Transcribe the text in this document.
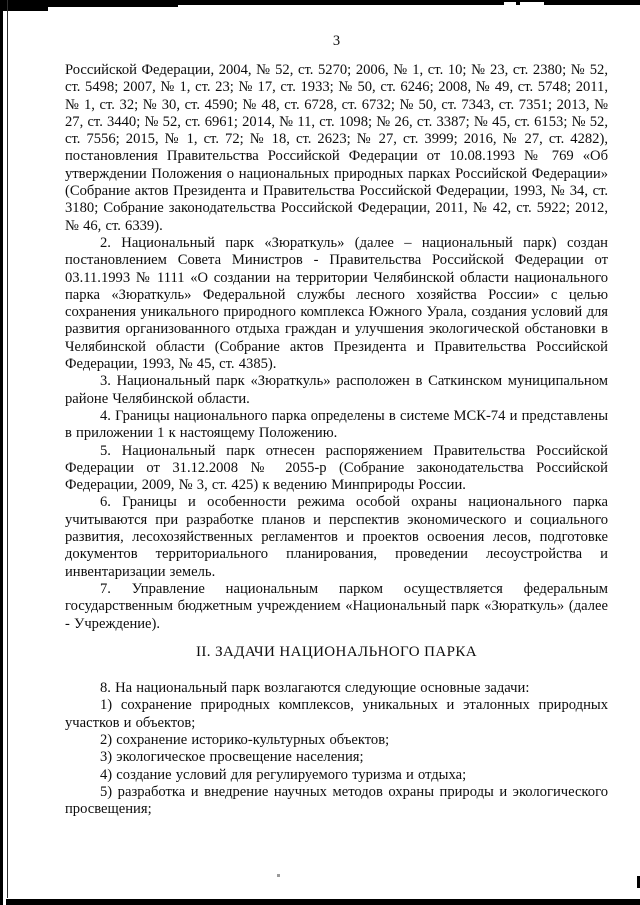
3
Российской Федерации, 2004, № 52, ст. 5270; 2006, № 1, ст. 10; № 23, ст. 2380; № 52, ст. 5498; 2007, № 1, ст. 23; № 17, ст. 1933; № 50, ст. 6246; 2008, № 49, ст. 5748; 2011, № 1, ст. 32; № 30, ст. 4590; № 48, ст. 6728, ст. 6732; № 50, ст. 7343, ст. 7351; 2013, № 27, ст. 3440; № 52, ст. 6961; 2014, № 11, ст. 1098; № 26, ст. 3387; № 45, ст. 6153; № 52, ст. 7556; 2015, № 1, ст. 72; № 18, ст. 2623; № 27, ст. 3999; 2016, № 27, ст. 4282), постановления Правительства Российской Федерации от 10.08.1993 № 769 «Об утверждении Положения о национальных природных парках Российской Федерации» (Собрание актов Президента и Правительства Российской Федерации, 1993, № 34, ст. 3180; Собрание законодательства Российской Федерации, 2011, № 42, ст. 5922; 2012, № 46, ст. 6339).
2. Национальный парк «Зюраткуль» (далее – национальный парк) создан постановлением Совета Министров - Правительства Российской Федерации от 03.11.1993 № 1111 «О создании на территории Челябинской области национального парка «Зюраткуль» Федеральной службы лесного хозяйства России» с целью сохранения уникального природного комплекса Южного Урала, создания условий для развития организованного отдыха граждан и улучшения экологической обстановки в Челябинской области (Собрание актов Президента и Правительства Российской Федерации, 1993, № 45, ст. 4385).
3. Национальный парк «Зюраткуль» расположен в Саткинском муниципальном районе Челябинской области.
4. Границы национального парка определены в системе МСК-74 и представлены в приложении 1 к настоящему Положению.
5. Национальный парк отнесен распоряжением Правительства Российской Федерации от 31.12.2008 № 2055-р (Собрание законодательства Российской Федерации, 2009, № 3, ст. 425) к ведению Минприроды России.
6. Границы и особенности режима особой охраны национального парка учитываются при разработке планов и перспектив экономического и социального развития, лесохозяйственных регламентов и проектов освоения лесов, подготовке документов территориального планирования, проведении лесоустройства и инвентаризации земель.
7. Управление национальным парком осуществляется федеральным государственным бюджетным учреждением «Национальный парк «Зюраткуль» (далее - Учреждение).
II. ЗАДАЧИ НАЦИОНАЛЬНОГО ПАРКА
8. На национальный парк возлагаются следующие основные задачи:
1) сохранение природных комплексов, уникальных и эталонных природных участков и объектов;
2) сохранение историко-культурных объектов;
3) экологическое просвещение населения;
4) создание условий для регулируемого туризма и отдыха;
5) разработка и внедрение научных методов охраны природы и экологического просвещения;
